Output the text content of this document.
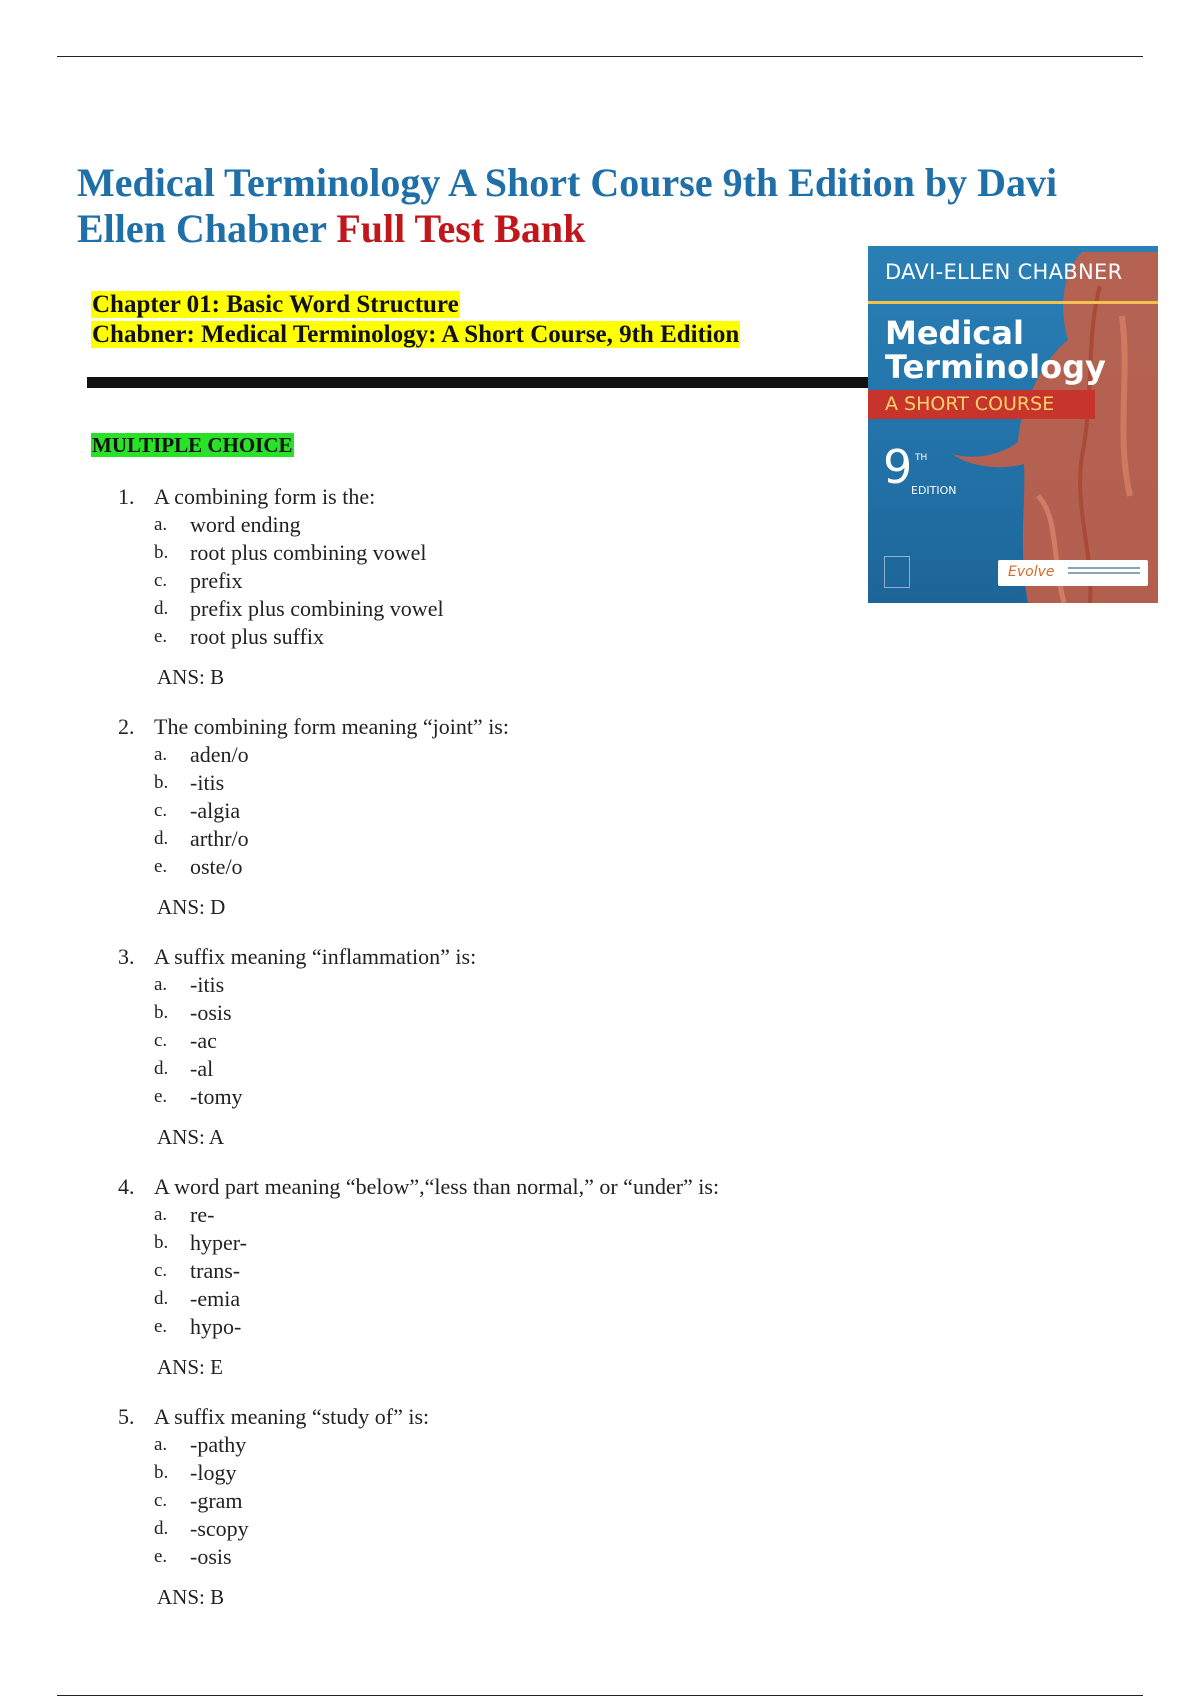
Medical Terminology A Short Course 9th Edition by Davi Ellen Chabner Full Test Bank
Chapter 01: Basic Word Structure
Chabner: Medical Terminology: A Short Course, 9th Edition
MULTIPLE CHOICE
1. A combining form is the:
a.	word ending
b. root plus combining vowel
c.	prefix
d. prefix plus combining vowel
e.	root plus suffix
ANS: B
2. The combining form meaning “joint” is:
a.	aden/o
b. -itis
c.	-algia
d. arthr/o
e.	oste/o
ANS: D
3. A suffix meaning “inflammation” is:
a.	-itis
b. -osis
c.	-ac
d. -al
e.	-tomy
ANS: A
4. A word part meaning “below”,“less than normal,” or “under” is:
a.	re-
b. hyper-
c.	trans-
d. -emia
e.	hypo-
ANS: E
5. A suffix meaning “study of” is:
a.	-pathy
b. -logy
c.	-gram
d. -scopy
e.	-osis
ANS: B
DAVI-ELLEN CHABNER
Medical
Terminology
A SHORT COURSE
9 TH
EDITION
Evolve
